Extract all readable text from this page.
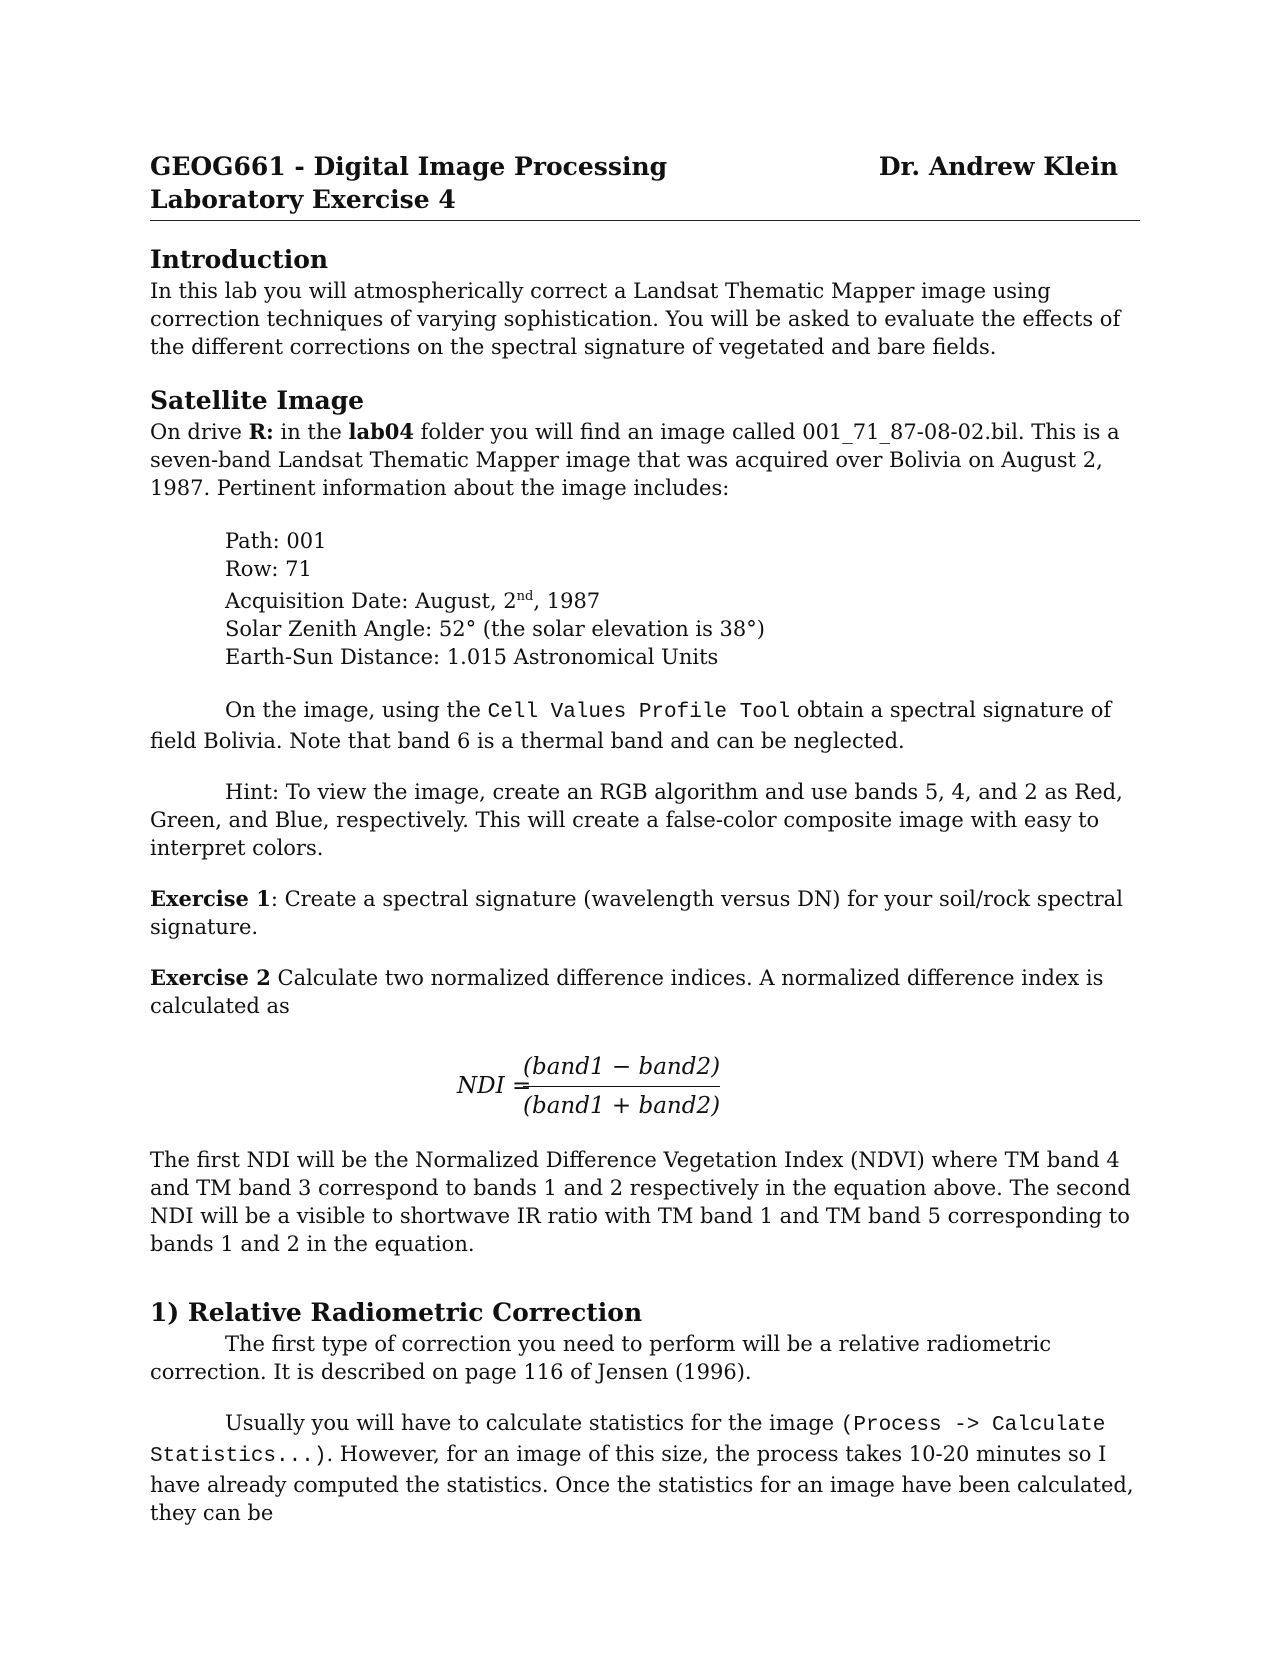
GEOG661 - Digital Image Processing	Dr. Andrew Klein
Laboratory Exercise 4
Introduction

In this lab you will atmospherically correct a Landsat Thematic Mapper image using correction techniques of varying sophistication. You will be asked to evaluate the effects of the different corrections on the spectral signature of vegetated and bare fields.

Satellite Image

On drive R: in the lab04 folder you will find an image called 001_71_87-08-02.bil. This is a seven-band Landsat Thematic Mapper image that was acquired over Bolivia on August 2, 1987. Pertinent information about the image includes:

Path: 001
Row: 71
Acquisition Date: August, 2nd, 1987
Solar Zenith Angle: 52° (the solar elevation is 38°)
Earth-Sun Distance: 1.015 Astronomical Units

On the image, using the Cell Values Profile Tool obtain a spectral signature of field Bolivia. Note that band 6 is a thermal band and can be neglected.

Hint: To view the image, create an RGB algorithm and use bands 5, 4, and 2 as Red, Green, and Blue, respectively. This will create a false-color composite image with easy to interpret colors.

Exercise 1: Create a spectral signature (wavelength versus DN) for your soil/rock spectral signature.

Exercise 2 Calculate two normalized difference indices. A normalized difference index is calculated as

NDI =
(band1 − band2)
(band1 + band2)

The first NDI will be the Normalized Difference Vegetation Index (NDVI) where TM band 4 and TM band 3 correspond to bands 1 and 2 respectively in the equation above. The second NDI will be a visible to shortwave IR ratio with TM band 1 and TM band 5 corresponding to bands 1 and 2 in the equation.

1) Relative Radiometric Correction

The first type of correction you need to perform will be a relative radiometric correction. It is described on page 116 of Jensen (1996).

Usually you will have to calculate statistics for the image (Process -> Calculate Statistics...). However, for an image of this size, the process takes 10-20 minutes so I have already computed the statistics. Once the statistics for an image have been calculated, they can be
